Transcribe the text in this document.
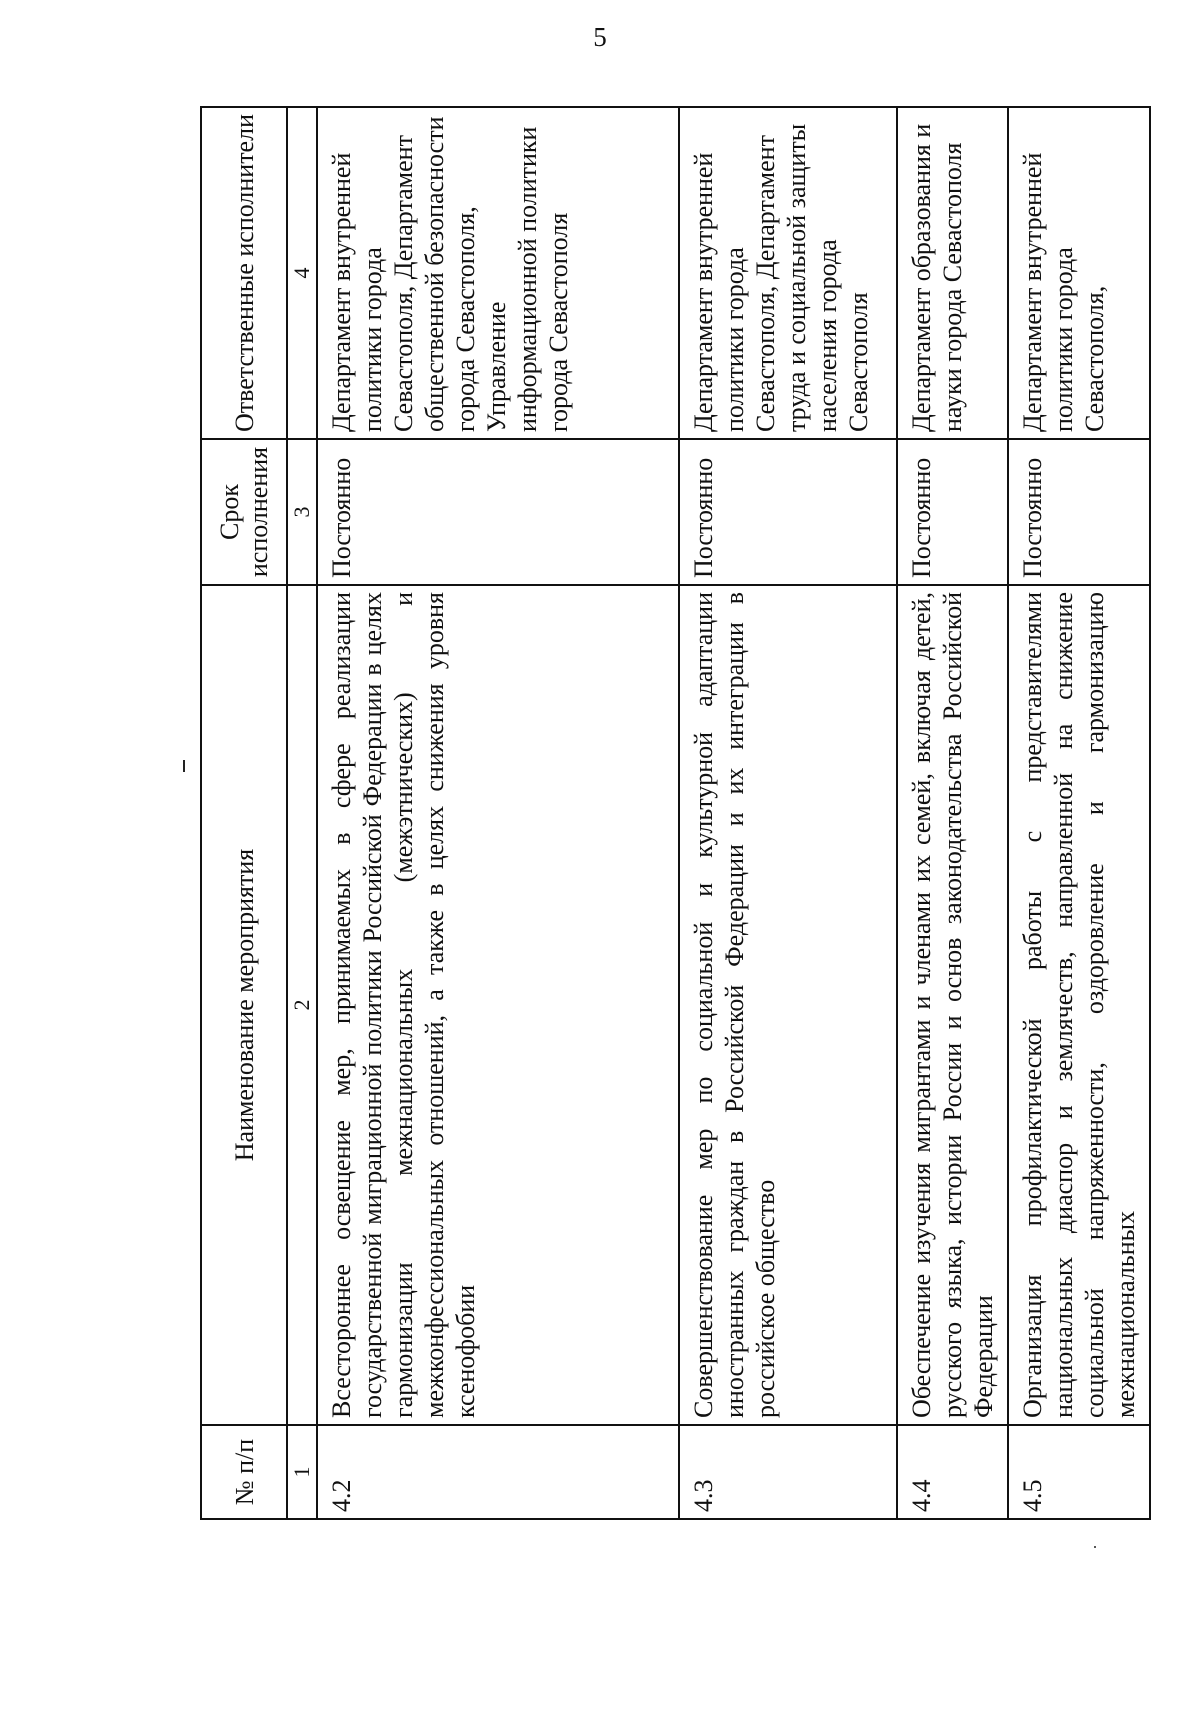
5
№ п/п	Наименование мероприятия	Срок исполнения	Ответственные исполнители
1	2	3	4
4.2	Всестороннее освещение мер, принимаемых в сфере реализации государственной миграционной политики Российской Федерации в целях гармонизации межнациональных (межэтнических) и межконфессиональных отношений, а также в целях снижения уровня ксенофобии	Постоянно	Департамент внутренней политики города Севастополя, Департамент общественной безопасности города Севастополя, Управление информационной политики города Севастополя
4.3	Совершенствование мер по социальной и культурной адаптации иностранных граждан в Российской Федерации и их интеграции в российское общество	Постоянно	Департамент внутренней политики города Севастополя, Департамент труда и социальной защиты населения города Севастополя
4.4	Обеспечение изучения мигрантами и членами их семей, включая детей, русского языка, истории России и основ законодательства Российской Федерации	Постоянно	Департамент образования и науки города Севастополя
4.5	Организация профилактической работы с представителями национальных диаспор и землячеств, направленной на снижение социальной напряженности, оздоровление и гармонизацию межнациональных	Постоянно	Департамент внутренней политики города Севастополя,
